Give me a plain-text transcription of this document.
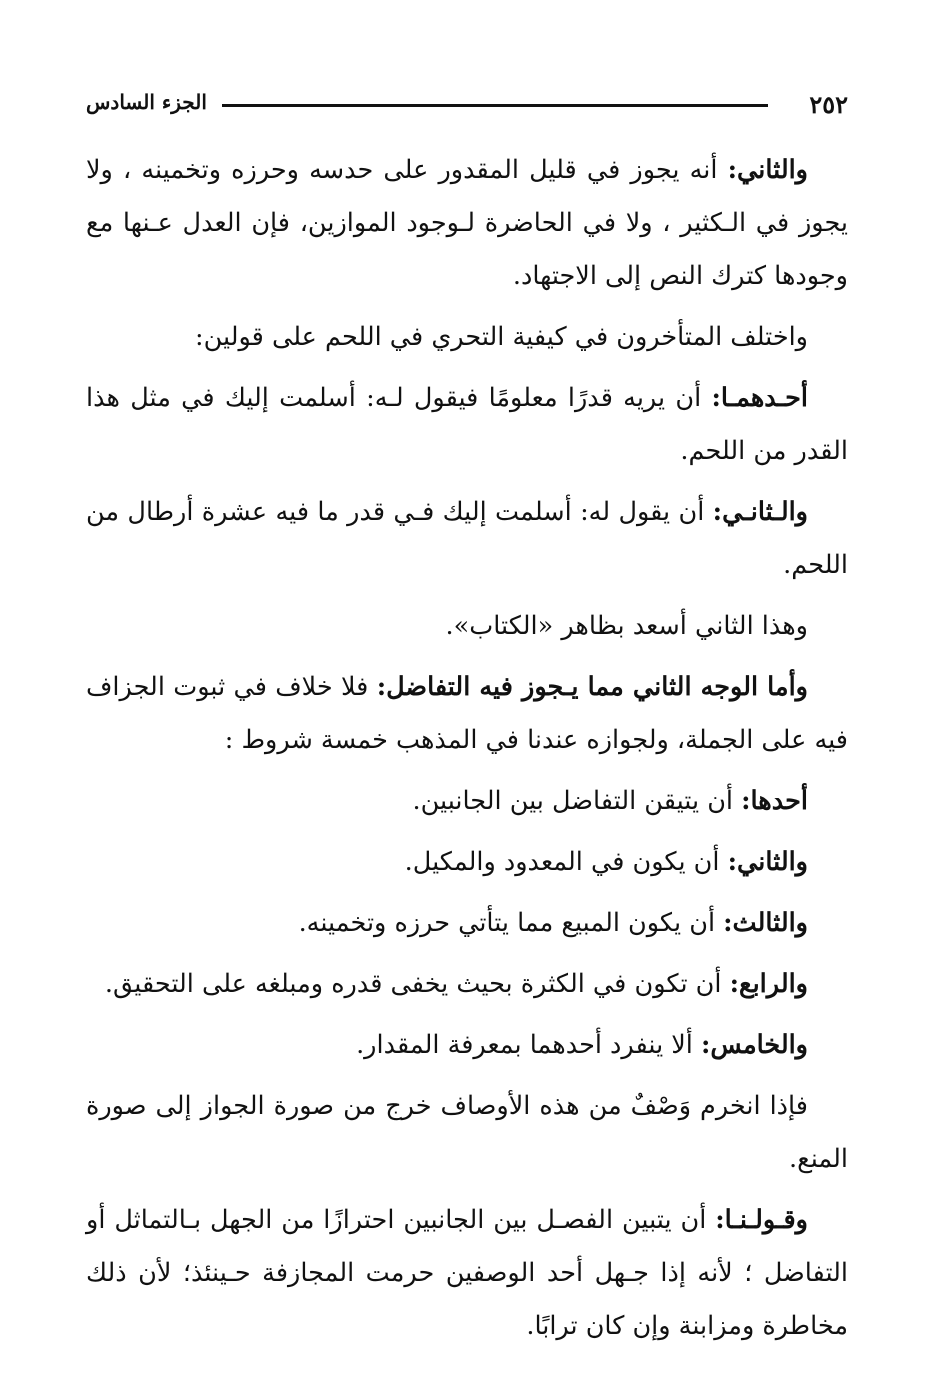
٢٥٢
الجزء السادس

والثاني: أنه يجوز في قليل المقدور على حدسه وحرزه وتخمينه ، ولا يجوز في الـكثير ، ولا في الحاضرة لـوجود الموازين، فإن العدل عـنها مع وجودها كترك النص إلى الاجتهاد.

واختلف المتأخرون في كيفية التحري في اللحم على قولين:

أحـدهمـا: أن يريه قدرًا معلومًا فيقول لـه: أسلمت إليك في مثل هذا القدر من اللحم.

والـثانـي: أن يقول له: أسلمت إليك فـي قدر ما فيه عشرة أرطال من اللحم.

وهذا الثاني أسعد بظاهر «الكتاب».

وأما الوجه الثاني مما يـجوز فيه التفاضل: فلا خلاف في ثبوت الجزاف فيه على الجملة، ولجوازه عندنا في المذهب خمسة شروط :

أحدها: أن يتيقن التفاضل بين الجانبين.

والثاني: أن يكون في المعدود والمكيل.

والثالث: أن يكون المبيع مما يتأتي حرزه وتخمينه.

والرابع: أن تكون في الكثرة بحيث يخفى قدره ومبلغه على التحقيق.

والخامس: ألا ينفرد أحدهما بمعرفة المقدار.

فإذا انخرم وَصْفٌ من هذه الأوصاف خرج من صورة الجواز إلى صورة المنع.

وقـولـنـا: أن يتبين الفصـل بين الجانبين احترازًا من الجهل بـالتماثل أو التفاضل ؛ لأنه إذا جـهل أحد الوصفين حرمت المجازفة حـينئذ؛ لأن ذلك مخاطرة ومزابنة وإن كان ترابًا.
